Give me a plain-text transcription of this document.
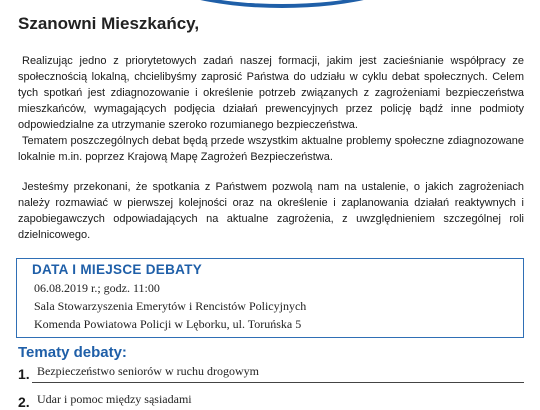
Szanowni Mieszkańcy,
Realizując jedno z priorytetowych zadań naszej formacji, jakim jest zacieśnianie współpracy ze społecznością lokalną, chcielibyśmy zaprosić Państwa do udziału w cyklu debat społecznych. Celem tych spotkań jest zdiagnozowanie i określenie potrzeb związanych z zagrożeniami bezpieczeństwa mieszkańców, wymagających podjęcia działań prewencyjnych przez policję bądź inne podmioty odpowiedzialne za utrzymanie szeroko rozumianego bezpieczeństwa.
Tematem poszczególnych debat będą przede wszystkim aktualne problemy społeczne zdiagnozowane lokalnie m.in. poprzez Krajową Mapę Zagrożeń Bezpieczeństwa.
Jesteśmy przekonani, że spotkania z Państwem pozwolą nam na ustalenie, o jakich zagrożeniach należy rozmawiać w pierwszej kolejności oraz na określenie i zaplanowania działań reaktywnych i zapobiegawczych odpowiadających na aktualne zagrożenia, z uwzględnieniem szczególnej roli dzielnicowego.
DATA I MIEJSCE DEBATY
06.08.2019 r.; godz. 11:00
Sala Stowarzyszenia Emerytów i Rencistów Policyjnych
Komenda Powiatowa Policji w Lęborku, ul. Toruńska 5
Tematy debaty:
1. Bezpieczeństwo seniorów w ruchu drogowym
2. Udar i pomoc między sąsiadami
